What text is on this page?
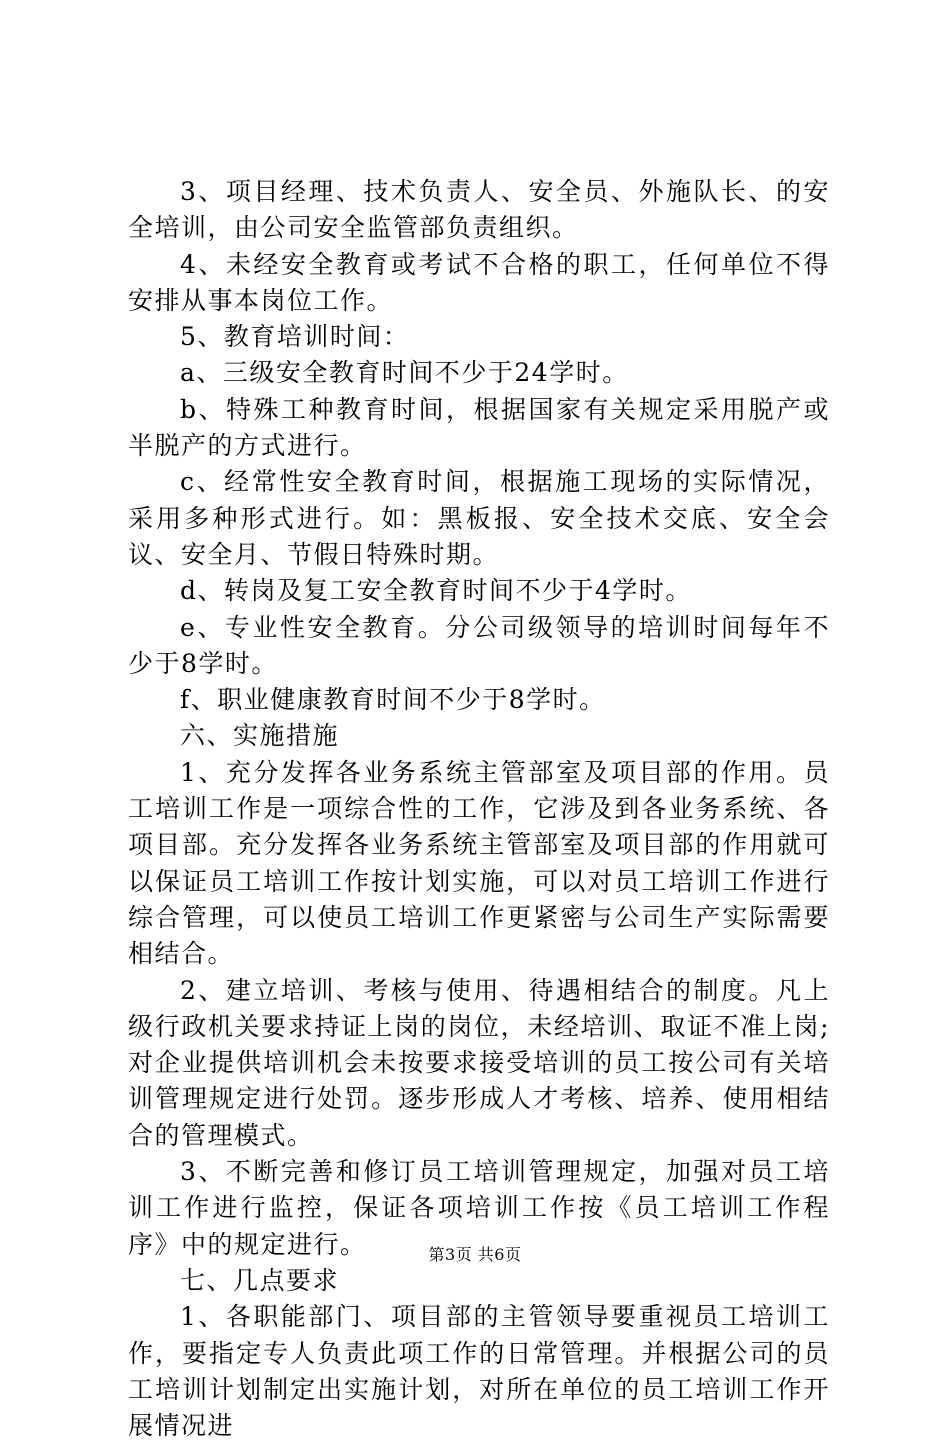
3、项目经理、技术负责人、安全员、外施队长、的安全培训，由公司安全监管部负责组织。

4、未经安全教育或考试不合格的职工，任何单位不得安排从事本岗位工作。

5、教育培训时间：

a、三级安全教育时间不少于24学时。

b、特殊工种教育时间，根据国家有关规定采用脱产或半脱产的方式进行。

c、经常性安全教育时间，根据施工现场的实际情况，采用多种形式进行。如：黑板报、安全技术交底、安全会议、安全月、节假日特殊时期。

d、转岗及复工安全教育时间不少于4学时。

e、专业性安全教育。分公司级领导的培训时间每年不少于8学时。

f、职业健康教育时间不少于8学时。

六、实施措施

1、充分发挥各业务系统主管部室及项目部的作用。员工培训工作是一项综合性的工作，它涉及到各业务系统、各项目部。充分发挥各业务系统主管部室及项目部的作用就可以保证员工培训工作按计划实施，可以对员工培训工作进行综合管理，可以使员工培训工作更紧密与公司生产实际需要相结合。

2、建立培训、考核与使用、待遇相结合的制度。凡上级行政机关要求持证上岗的岗位，未经培训、取证不准上岗;对企业提供培训机会未按要求接受培训的员工按公司有关培训管理规定进行处罚。逐步形成人才考核、培养、使用相结合的管理模式。

3、不断完善和修订员工培训管理规定，加强对员工培训工作进行监控，保证各项培训工作按《员工培训工作程序》中的规定进行。

七、几点要求

1、各职能部门、项目部的主管领导要重视员工培训工作，要指定专人负责此项工作的日常管理。并根据公司的员工培训计划制定出实施计划，对所在单位的员工培训工作开展情况进

第3页 共6页
